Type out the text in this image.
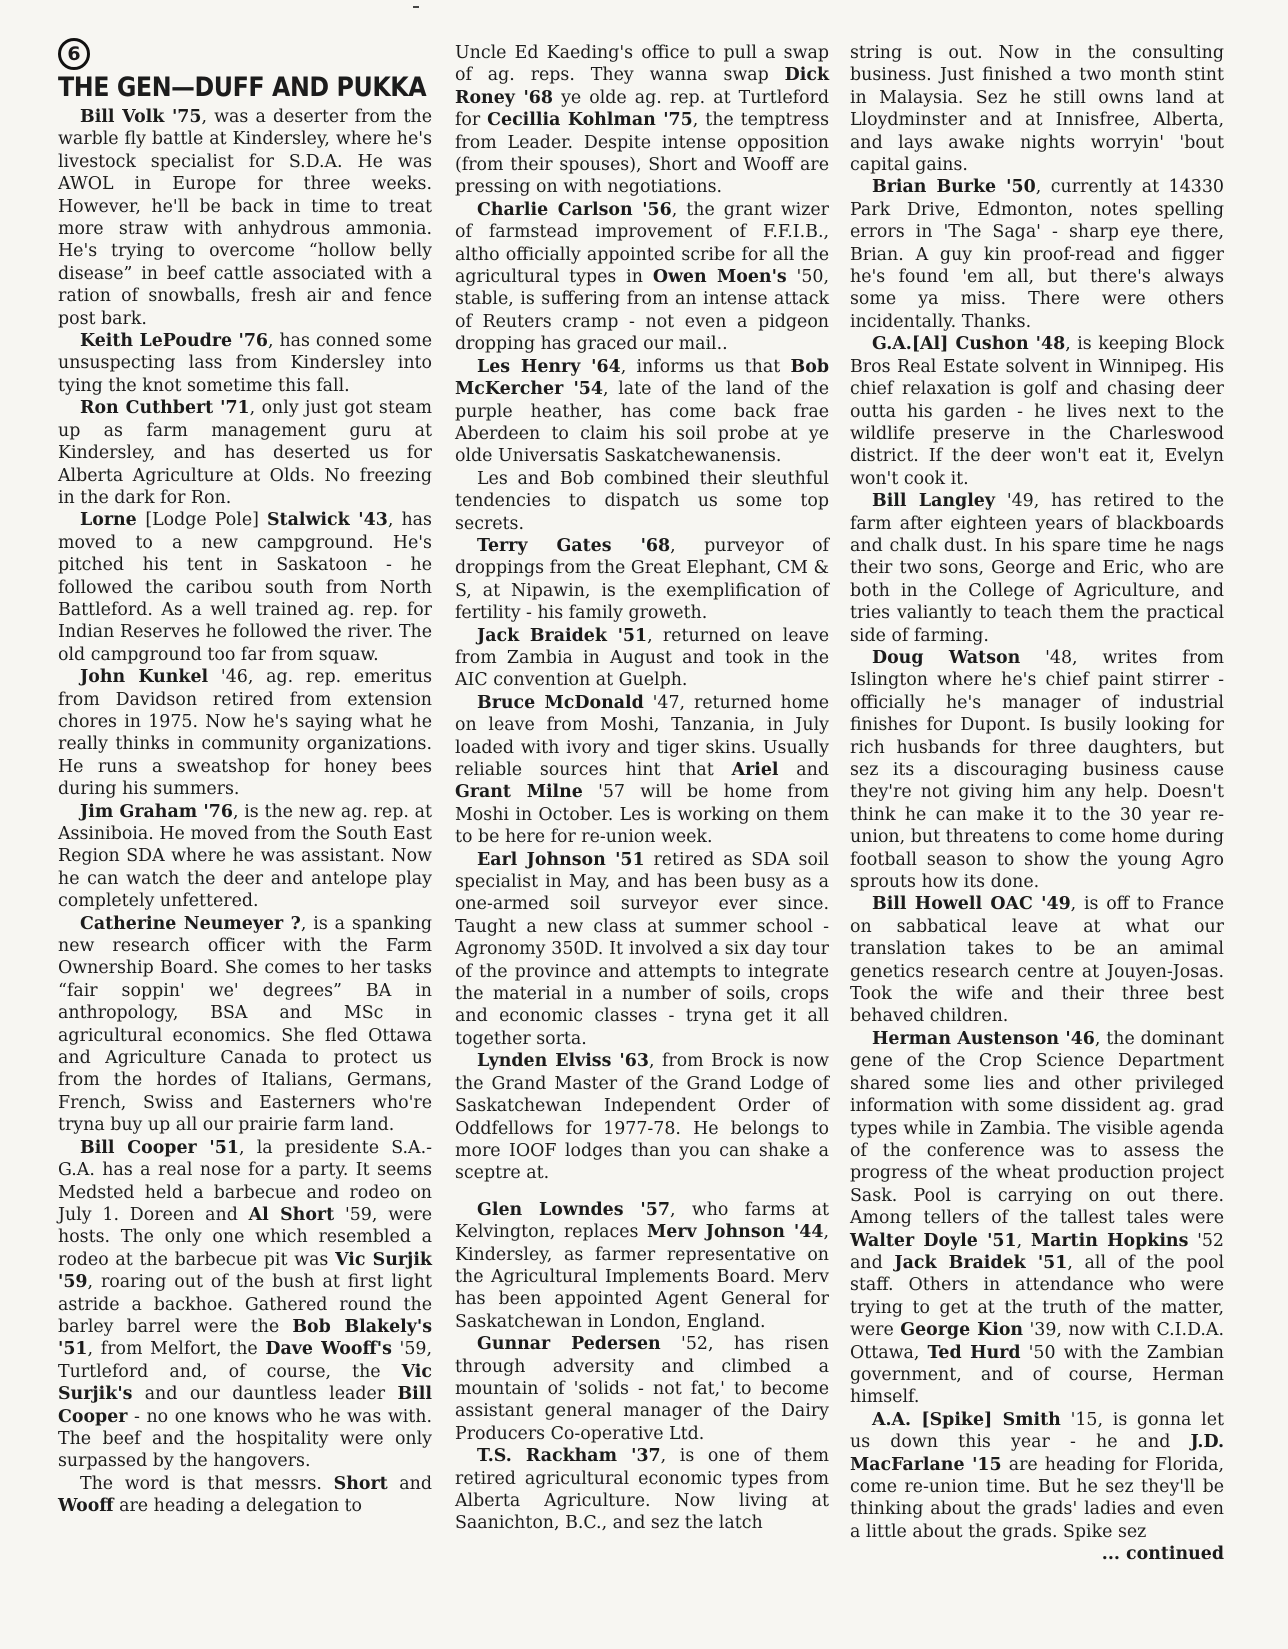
6
THE GEN—DUFF AND PUKKA

Bill Volk '75, was a deserter from the warble fly battle at Kindersley, where he's livestock specialist for S.D.A. He was AWOL in Europe for three weeks. However, he'll be back in time to treat more straw with anhydrous ammonia. He's trying to overcome “hollow belly disease” in beef cattle associated with a ration of snowballs, fresh air and fence post bark.

Keith LePoudre '76, has conned some unsuspecting lass from Kindersley into tying the knot sometime this fall.

Ron Cuthbert '71, only just got steam up as farm management guru at Kindersley, and has deserted us for Alberta Agriculture at Olds. No freezing in the dark for Ron.

Lorne [Lodge Pole] Stalwick '43, has moved to a new campground. He's pitched his tent in Saskatoon - he followed the caribou south from North Battleford. As a well trained ag. rep. for Indian Reserves he followed the river. The old campground too far from squaw.

John Kunkel '46, ag. rep. emeritus from Davidson retired from extension chores in 1975. Now he's saying what he really thinks in community organizations. He runs a sweatshop for honey bees during his summers.

Jim Graham '76, is the new ag. rep. at Assiniboia. He moved from the South East Region SDA where he was assistant. Now he can watch the deer and antelope play completely unfettered.

Catherine Neumeyer ?, is a spanking new research officer with the Farm Ownership Board. She comes to her tasks “fair soppin' we' degrees” BA in anthropology, BSA and MSc in agricultural economics. She fled Ottawa and Agriculture Canada to protect us from the hordes of Italians, Germans, French, Swiss and Easterners who're tryna buy up all our prairie farm land.

Bill Cooper '51, la presidente S.A.-G.A. has a real nose for a party. It seems Medsted held a barbecue and rodeo on July 1. Doreen and Al Short '59, were hosts. The only one which resembled a rodeo at the barbecue pit was Vic Surjik '59, roaring out of the bush at first light astride a backhoe. Gathered round the barley barrel were the Bob Blakely's '51, from Melfort, the Dave Wooff's '59, Turtleford and, of course, the Vic Surjik's and our dauntless leader Bill Cooper - no one knows who he was with. The beef and the hospitality were only surpassed by the hangovers.

The word is that messrs. Short and Wooff are heading a delegation to

Uncle Ed Kaeding's office to pull a swap of ag. reps. They wanna swap Dick Roney '68 ye olde ag. rep. at Turtleford for Cecillia Kohlman '75, the temptress from Leader. Despite intense opposition (from their spouses), Short and Wooff are pressing on with negotiations.

Charlie Carlson '56, the grant wizer of farmstead improvement of F.F.I.B., altho officially appointed scribe for all the agricultural types in Owen Moen's '50, stable, is suffering from an intense attack of Reuters cramp - not even a pidgeon dropping has graced our mail..

Les Henry '64, informs us that Bob McKercher '54, late of the land of the purple heather, has come back frae Aberdeen to claim his soil probe at ye olde Universatis Saskatchewanensis.

Les and Bob combined their sleuthful tendencies to dispatch us some top secrets.

Terry Gates '68, purveyor of droppings from the Great Elephant, CM & S, at Nipawin, is the exemplification of fertility - his family groweth.

Jack Braidek '51, returned on leave from Zambia in August and took in the AIC convention at Guelph.

Bruce McDonald '47, returned home on leave from Moshi, Tanzania, in July loaded with ivory and tiger skins. Usually reliable sources hint that Ariel and Grant Milne '57 will be home from Moshi in October. Les is working on them to be here for re-union week.

Earl Johnson '51 retired as SDA soil specialist in May, and has been busy as a one-armed soil surveyor ever since. Taught a new class at summer school - Agronomy 350D. It involved a six day tour of the province and attempts to integrate the material in a number of soils, crops and economic classes - tryna get it all together sorta.

Lynden Elviss '63, from Brock is now the Grand Master of the Grand Lodge of Saskatchewan Independent Order of Oddfellows for 1977-78. He belongs to more IOOF lodges than you can shake a sceptre at.

Glen Lowndes '57, who farms at Kelvington, replaces Merv Johnson '44, Kindersley, as farmer representative on the Agricultural Implements Board. Merv has been appointed Agent General for Saskatchewan in London, England.

Gunnar Pedersen '52, has risen through adversity and climbed a mountain of 'solids - not fat,' to become assistant general manager of the Dairy Producers Co-operative Ltd.

T.S. Rackham '37, is one of them retired agricultural economic types from Alberta Agriculture. Now living at Saanichton, B.C., and sez the latch

string is out. Now in the consulting business. Just finished a two month stint in Malaysia. Sez he still owns land at Lloydminster and at Innisfree, Alberta, and lays awake nights worryin' 'bout capital gains.

Brian Burke '50, currently at 14330 Park Drive, Edmonton, notes spelling errors in 'The Saga' - sharp eye there, Brian. A guy kin proof-read and figger he's found 'em all, but there's always some ya miss. There were others incidentally. Thanks.

G.A.[Al] Cushon '48, is keeping Block Bros Real Estate solvent in Winnipeg. His chief relaxation is golf and chasing deer outta his garden - he lives next to the wildlife preserve in the Charleswood district. If the deer won't eat it, Evelyn won't cook it.

Bill Langley '49, has retired to the farm after eighteen years of blackboards and chalk dust. In his spare time he nags their two sons, George and Eric, who are both in the College of Agriculture, and tries valiantly to teach them the practical side of farming.

Doug Watson '48, writes from Islington where he's chief paint stirrer - officially he's manager of industrial finishes for Dupont. Is busily looking for rich husbands for three daughters, but sez its a discouraging business cause they're not giving him any help. Doesn't think he can make it to the 30 year re-union, but threatens to come home during football season to show the young Agro sprouts how its done.

Bill Howell OAC '49, is off to France on sabbatical leave at what our translation takes to be an amimal genetics research centre at Jouyen-Josas. Took the wife and their three best behaved children.

Herman Austenson '46, the dominant gene of the Crop Science Department shared some lies and other privileged information with some dissident ag. grad types while in Zambia. The visible agenda of the conference was to assess the progress of the wheat production project Sask. Pool is carrying on out there. Among tellers of the tallest tales were Walter Doyle '51, Martin Hopkins '52 and Jack Braidek '51, all of the pool staff. Others in attendance who were trying to get at the truth of the matter, were George Kion '39, now with C.I.D.A. Ottawa, Ted Hurd '50 with the Zambian government, and of course, Herman himself.

A.A. [Spike] Smith '15, is gonna let us down this year - he and J.D. MacFarlane '15 are heading for Florida, come re-union time. But he sez they'll be thinking about the grads' ladies and even a little about the grads. Spike sez

... continued
